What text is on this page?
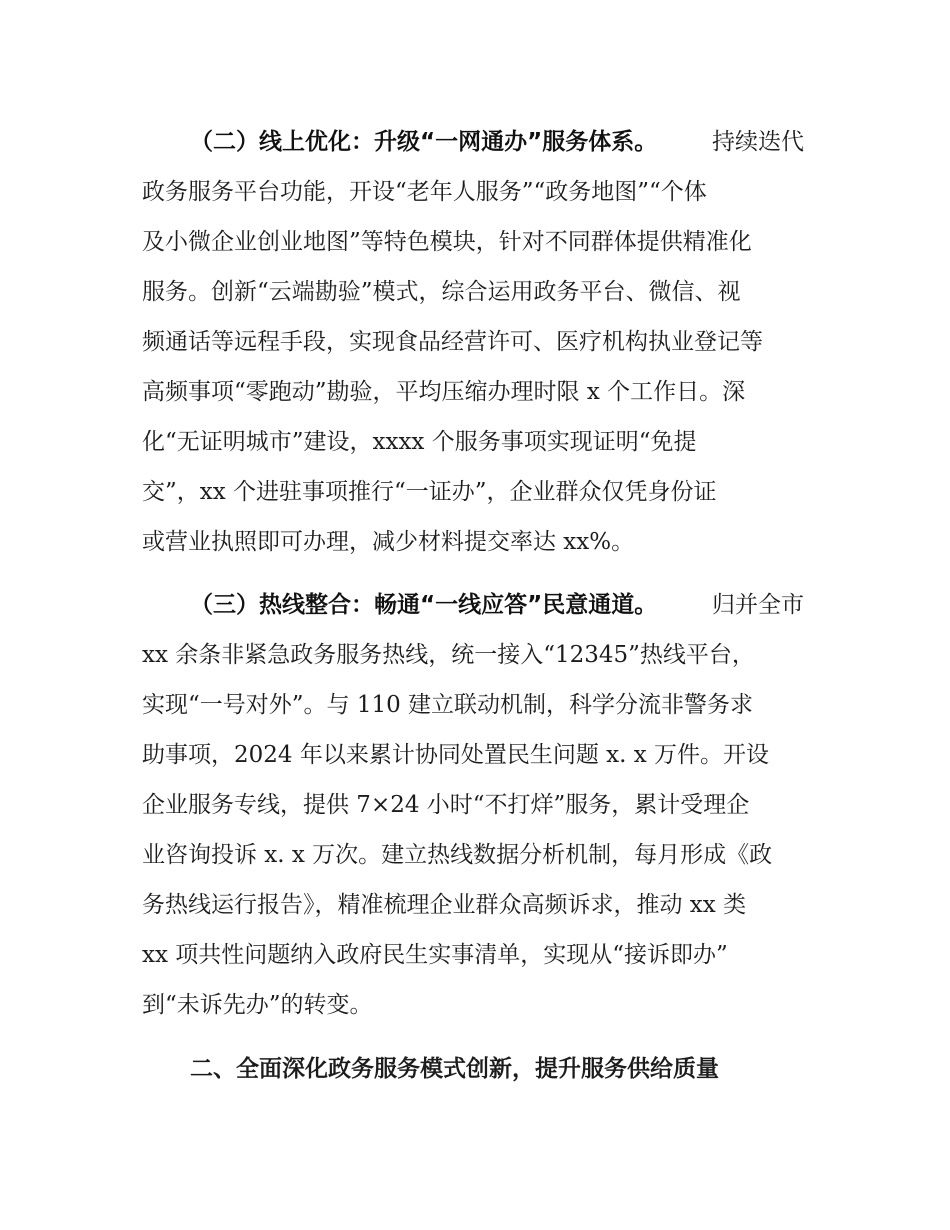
（二）线上优化：升级“一网通办”服务体系。 持续迭代
政务服务平台功能，开设“老年人服务”“政务地图”“个体
及小微企业创业地图”等特色模块，针对不同群体提供精准化
服务。创新“云端勘验”模式，综合运用政务平台、微信、视
频通话等远程手段，实现食品经营许可、医疗机构执业登记等
高频事项“零跑动”勘验，平均压缩办理时限 x 个工作日。深
化“无证明城市”建设，xxxx 个服务事项实现证明“免提
交”，xx 个进驻事项推行“一证办”，企业群众仅凭身份证
或营业执照即可办理，减少材料提交率达 xx%。
（三）热线整合：畅通“一线应答”民意通道。 归并全市
xx 余条非紧急政务服务热线，统一接入“12345”热线平台，
实现“一号对外”。与 110 建立联动机制，科学分流非警务求
助事项，2024 年以来累计协同处置民生问题 x. x 万件。开设
企业服务专线，提供 7×24 小时“不打烊”服务，累计受理企
业咨询投诉 x. x 万次。建立热线数据分析机制，每月形成《政
务热线运行报告》，精准梳理企业群众高频诉求，推动 xx 类
xx 项共性问题纳入政府民生实事清单，实现从“接诉即办”
到“未诉先办”的转变。
二、全面深化政务服务模式创新，提升服务供给质量
